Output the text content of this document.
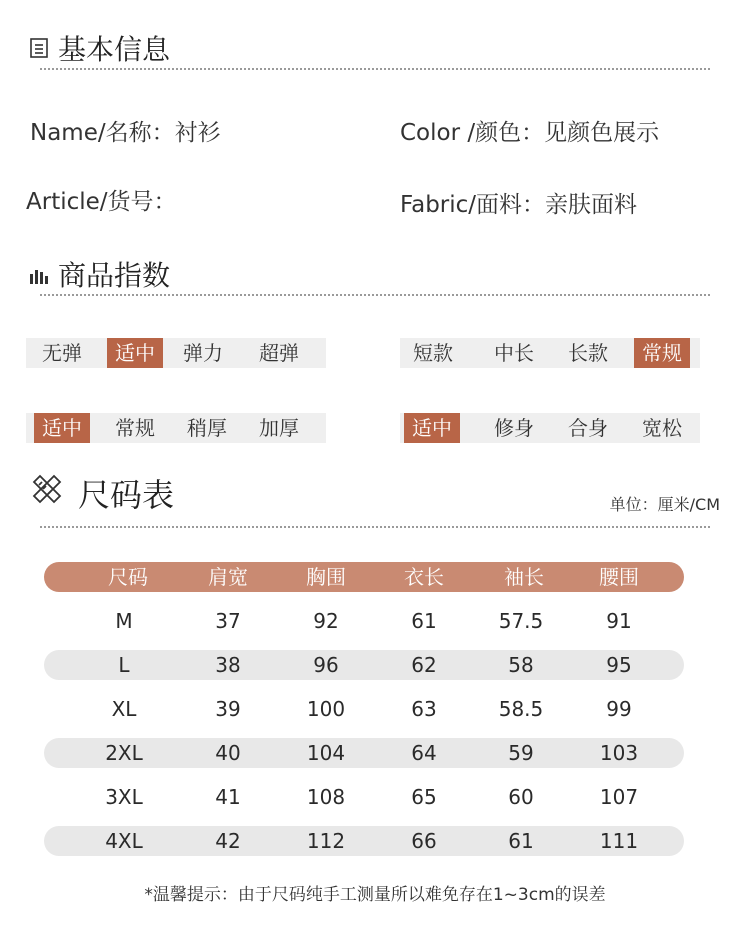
基本信息
Name/名称：衬衫	Color /颜色：见颜色展示
Article/货号：	Fabric/面料：亲肤面料
商品指数
无弹	适中	弹力	超弹	短款	中长	长款	常规
适中	常规	稍厚	加厚	适中	修身	合身	宽松
尺码表	单位：厘米/CM
尺码	肩宽	胸围	衣长	袖长	腰围
M	37	92	61	57.5	91
L	38	96	62	58	95
XL	39	100	63	58.5	99
2XL	40	104	64	59	103
3XL	41	108	65	60	107
4XL	42	112	66	61	111
*温馨提示：由于尺码纯手工测量所以难免存在1~3cm的误差
